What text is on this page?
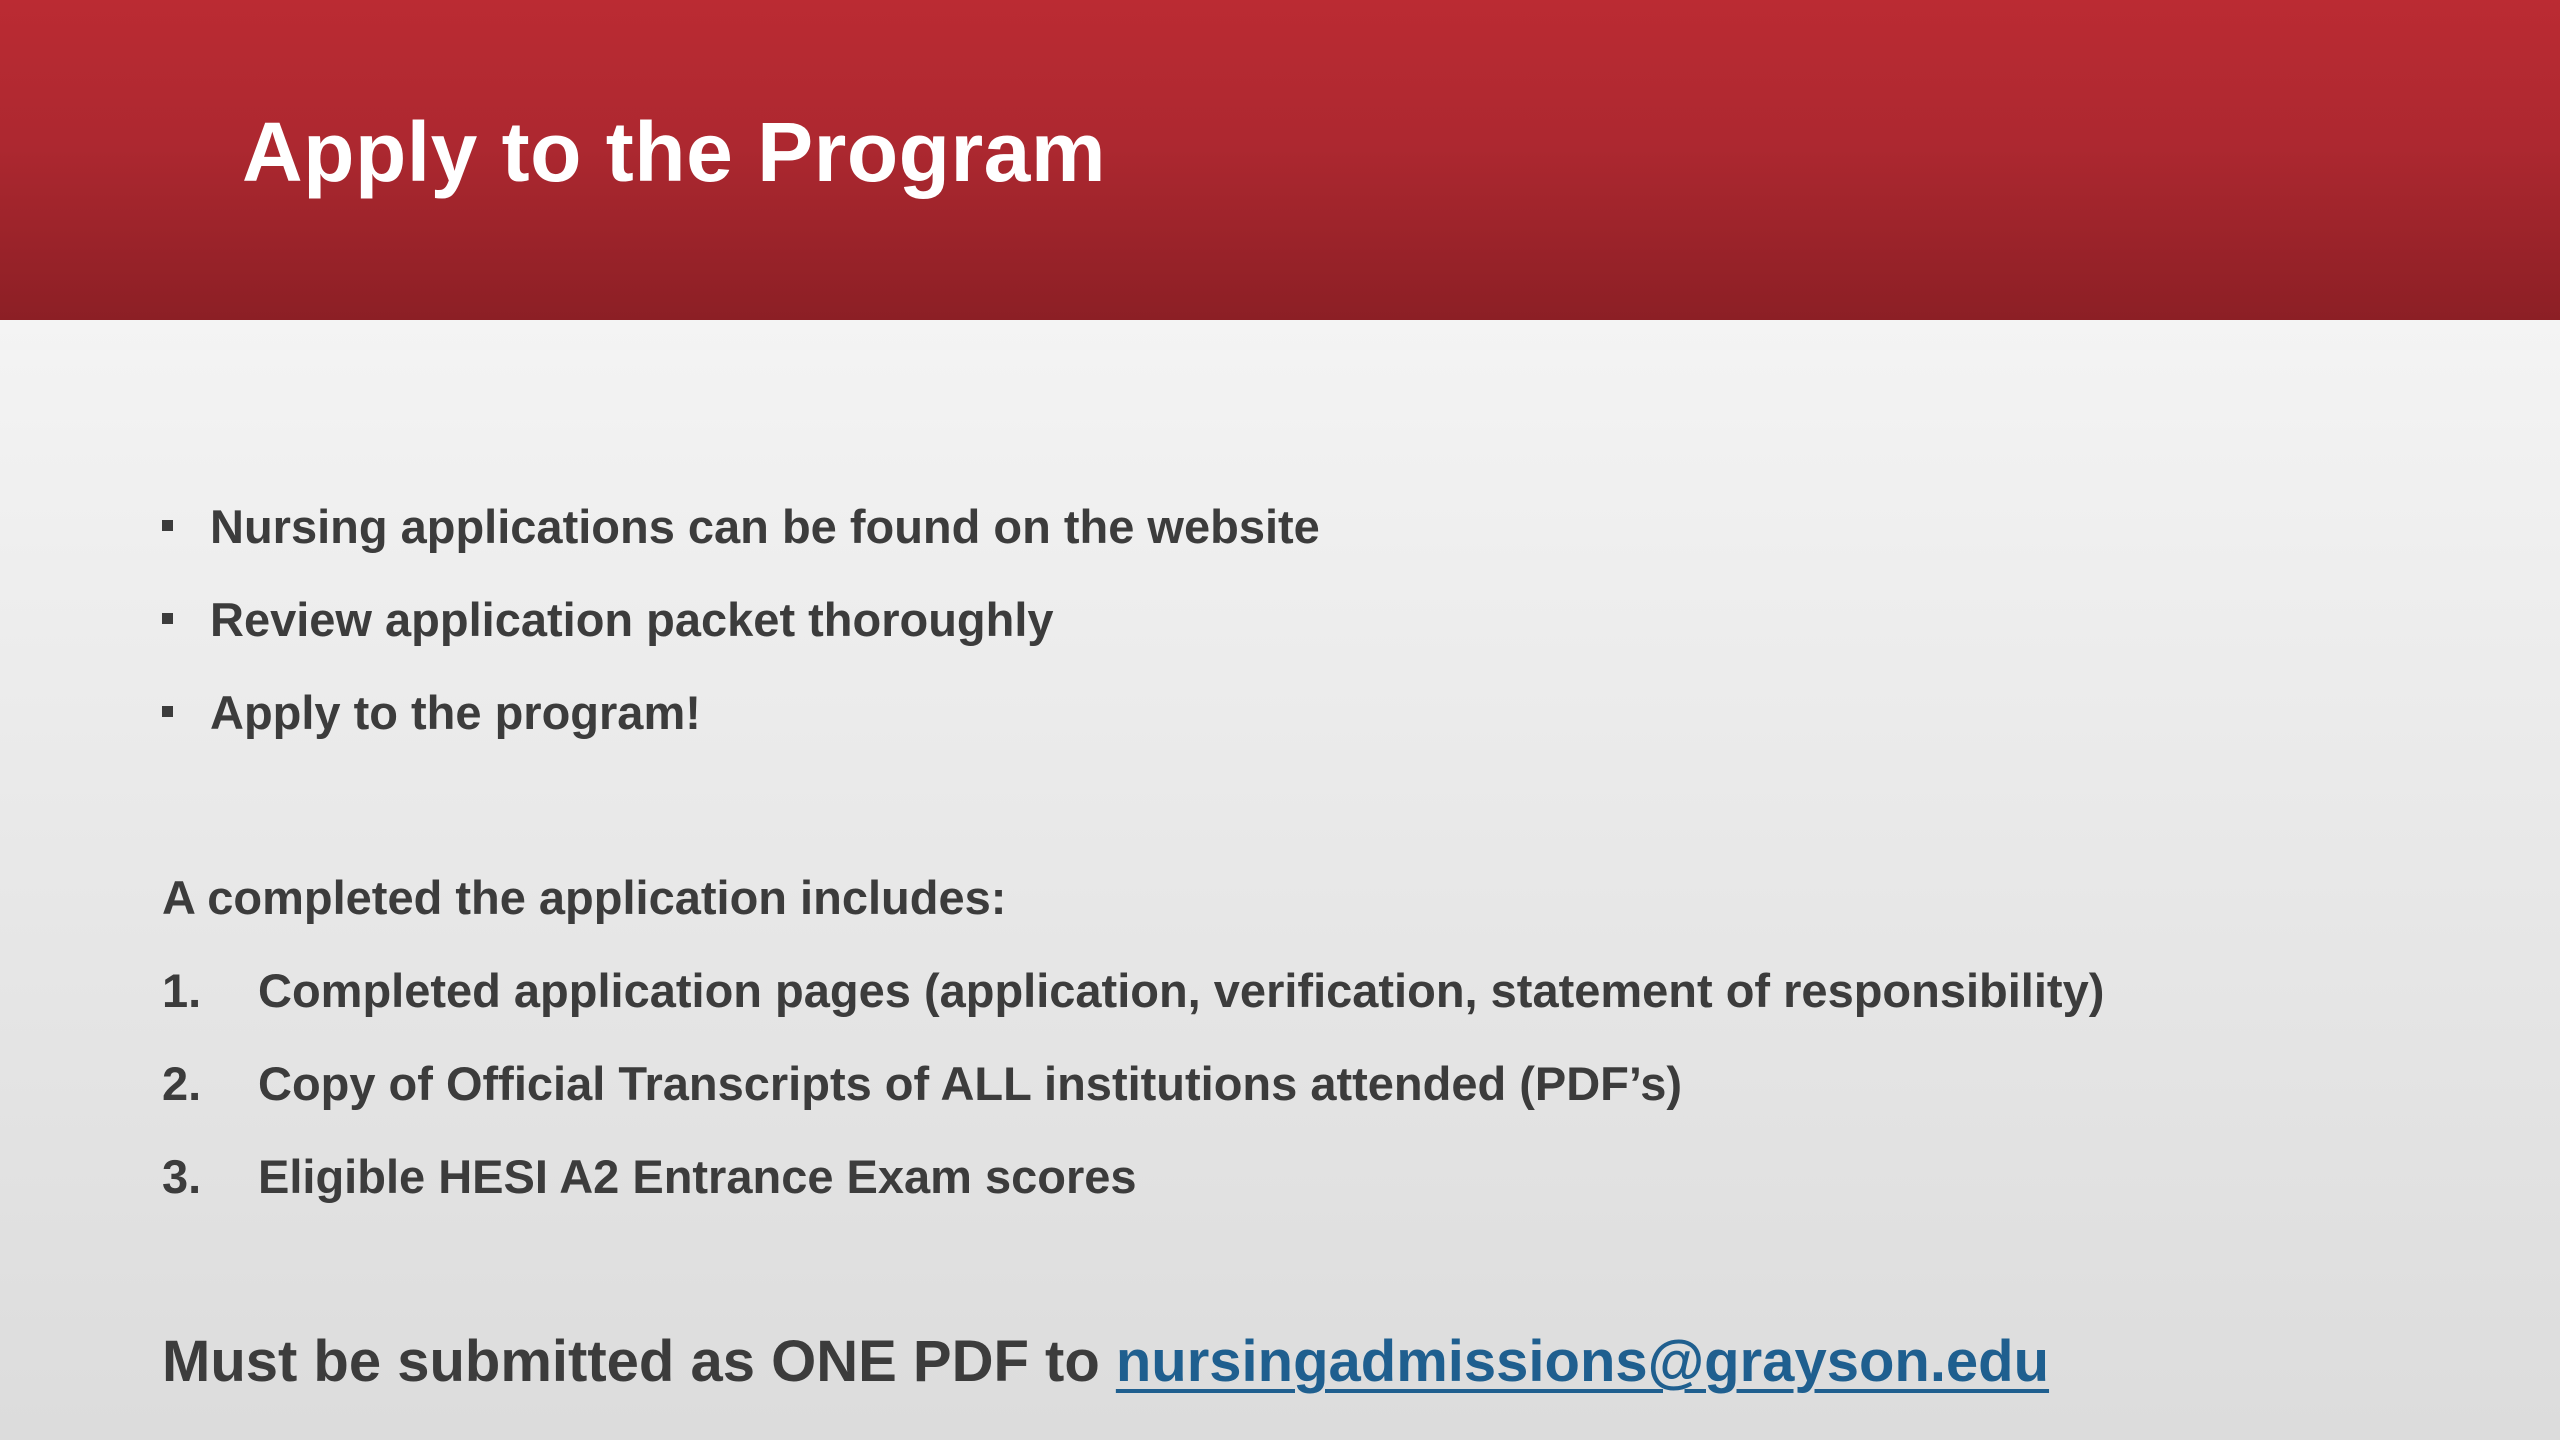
Apply to the Program
Nursing applications can be found on the website
Review application packet thoroughly
Apply to the program!
A completed the application includes:
1. Completed application pages (application, verification, statement of responsibility)
2. Copy of Official Transcripts of ALL institutions attended (PDF’s)
3. Eligible HESI A2 Entrance Exam scores
Must be submitted as ONE PDF to nursingadmissions@grayson.edu
